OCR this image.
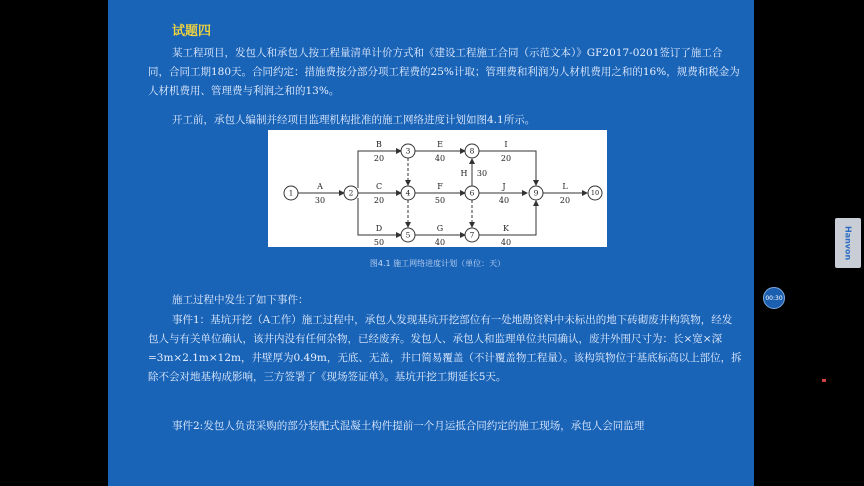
试题四

某工程项目，发包人和承包人按工程量清单计价方式和《建设工程施工合同（示范文本）》GF2017-0201签订了施工合同，合同工期180天。合同约定：措施费按分部分项工程费的25%计取；管理费和利润为人材机费用之和的16%，规费和税金为人材机费用、管理费与利润之和的13%。

开工前，承包人编制并经项目监理机构批准的施工网络进度计划如图4.1所示。

A
30
B
20
C
20
D
50
E
40
F
50
G
40
H 30
I
20
J
40
K
40
L
20
1	2
3
4
5
6
7
8
9	10
图4.1 施工网络进度计划（单位：天）

施工过程中发生了如下事件：

事件1：基坑开挖（A工作）施工过程中，承包人发现基坑开挖部位有一处地勘资料中未标出的地下砖砌废井构筑物，经发包人与有关单位确认，该井内没有任何杂物，已经废弃。发包人、承包人和监理单位共同确认，废井外围尺寸为：长×宽×深=3m×2.1m×12m，井壁厚为0.49m，无底、无盖，井口简易覆盖（不计覆盖物工程量）。该构筑物位于基底标高以上部位，拆除不会对地基构成影响，三方签署了《现场签证单》。基坑开挖工期延长5天。

事件2:发包人负责采购的部分装配式混凝土构件提前一个月运抵合同约定的施工现场，承包人会同监理

Hanvon
00:30
